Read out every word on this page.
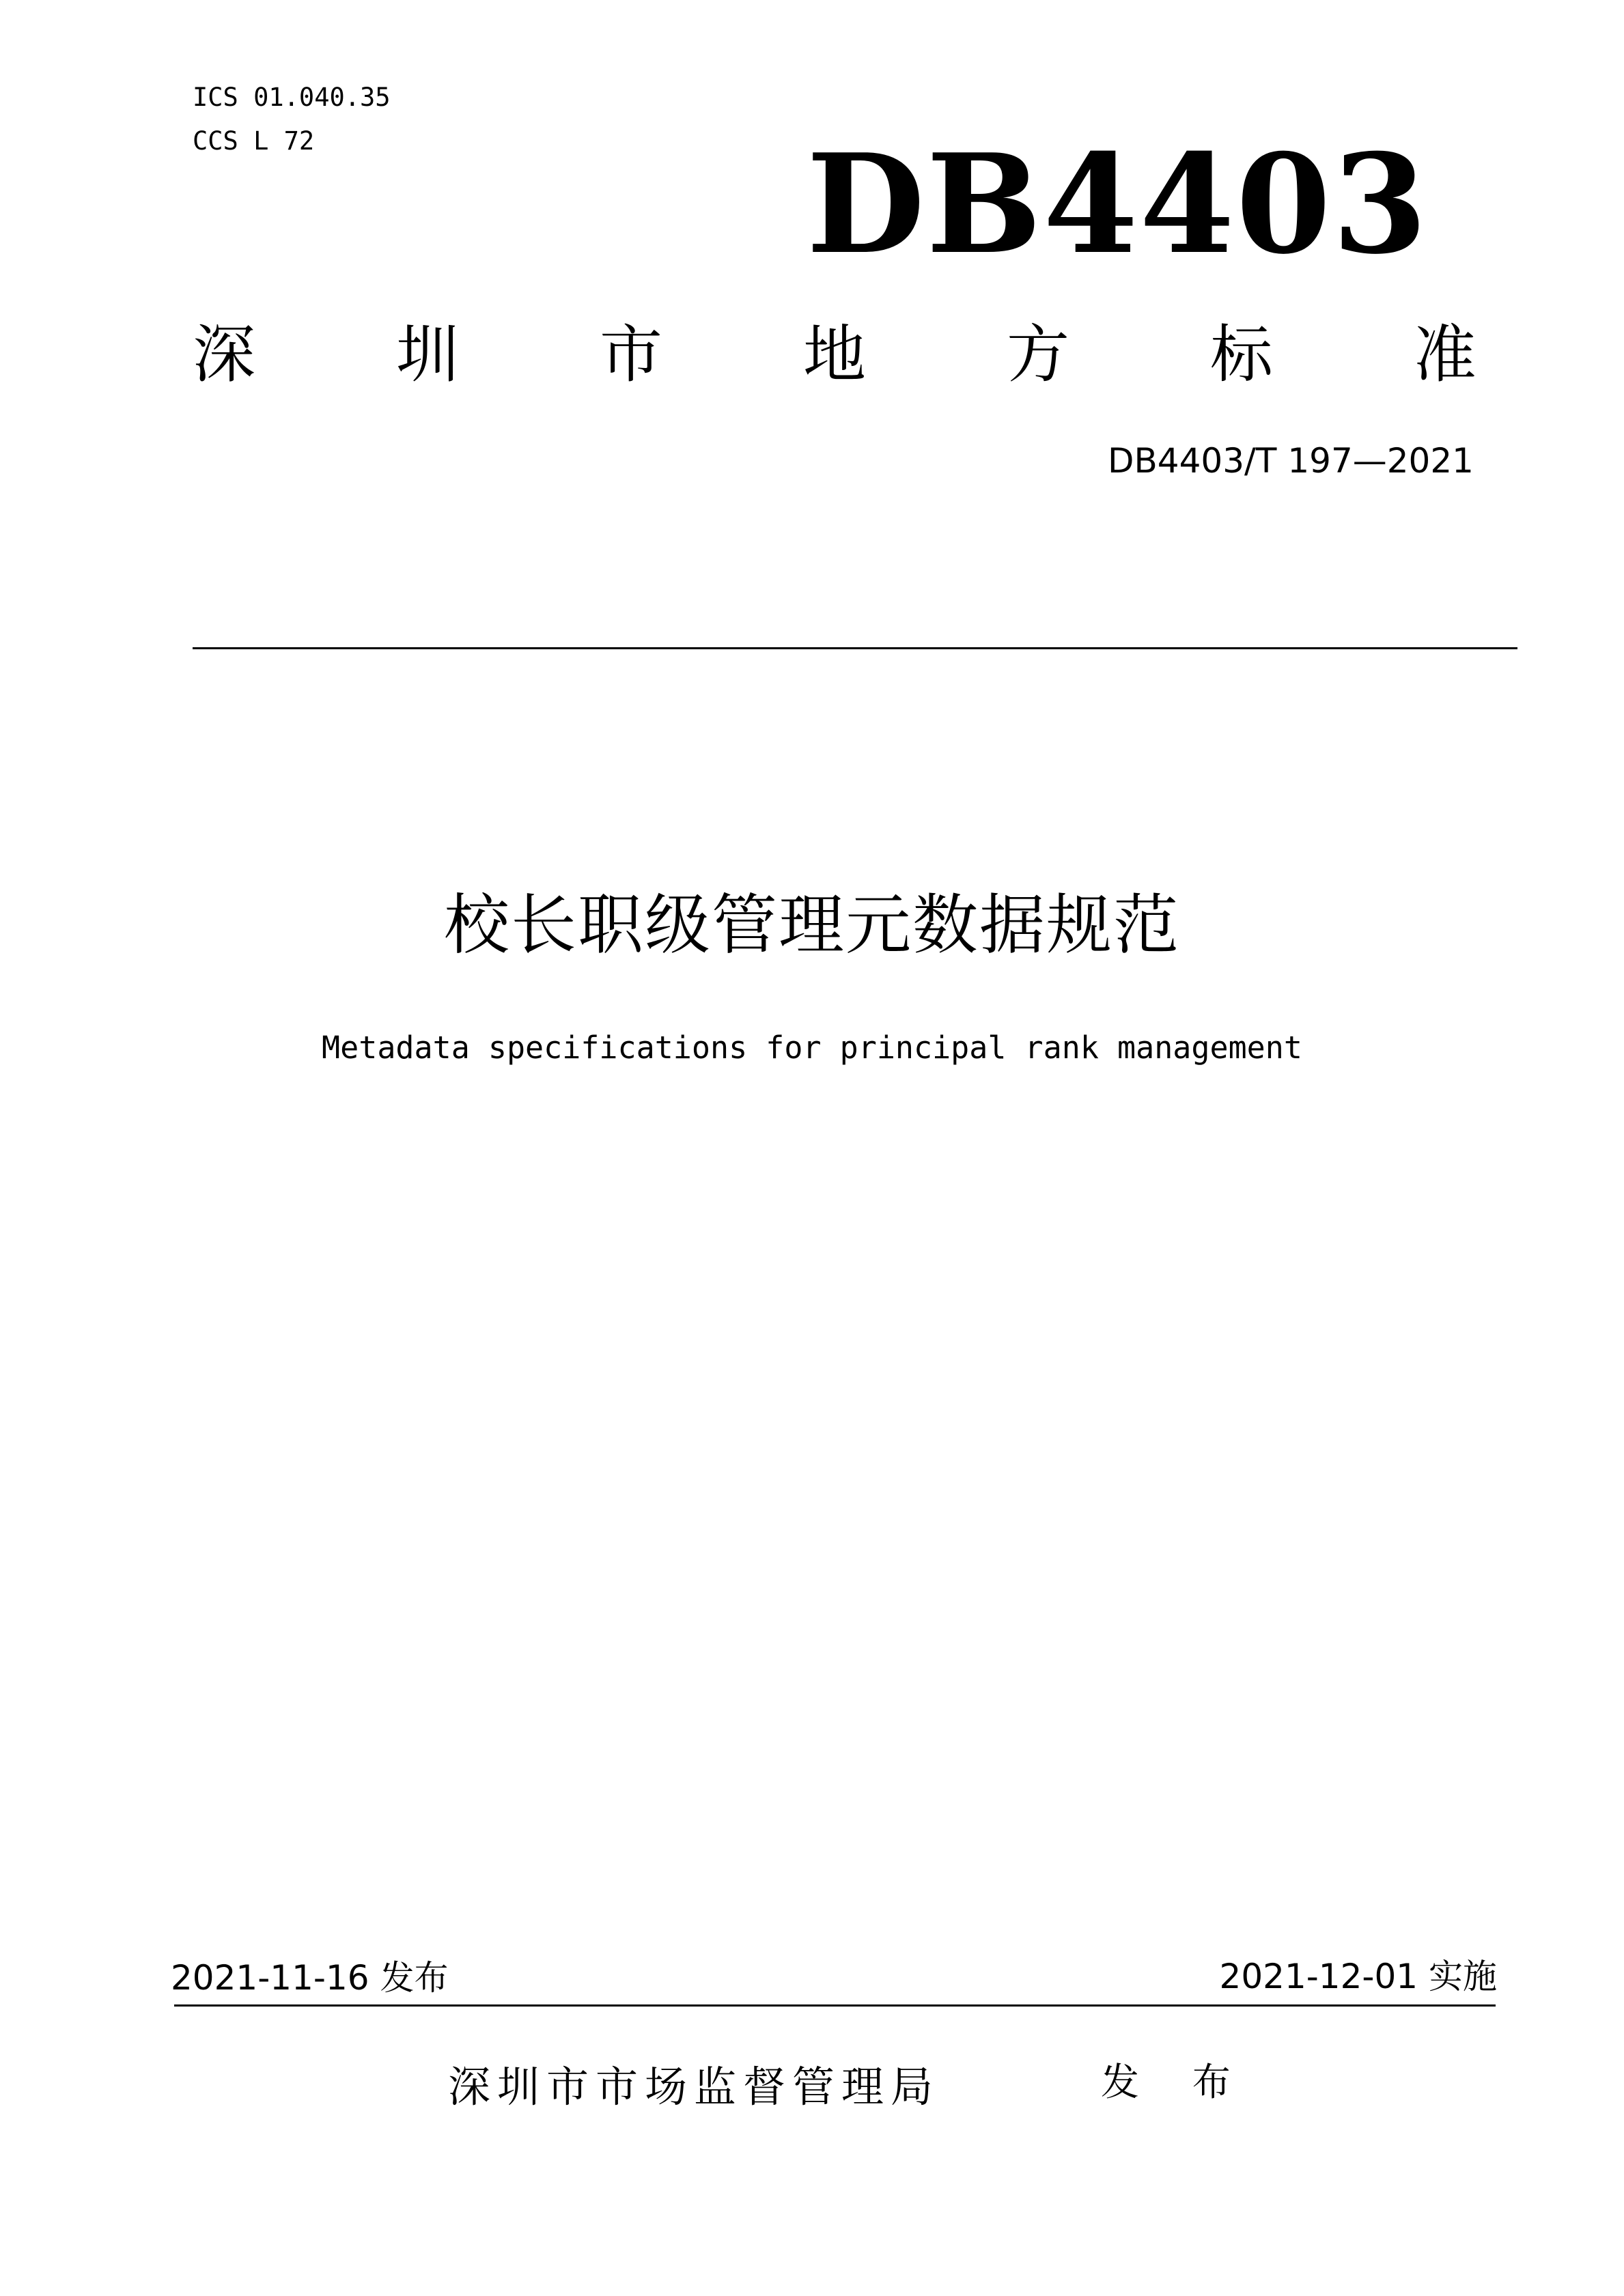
ICS 01.040.35
CCS L 72	DB4403
深 圳 市 地 方 标 准
DB4403/T 197—2021
校长职级管理元数据规范
Metadata specifications for principal rank management
2021-11-16 发布	2021-12-01 实施
深圳市市场监督管理局	发 布
